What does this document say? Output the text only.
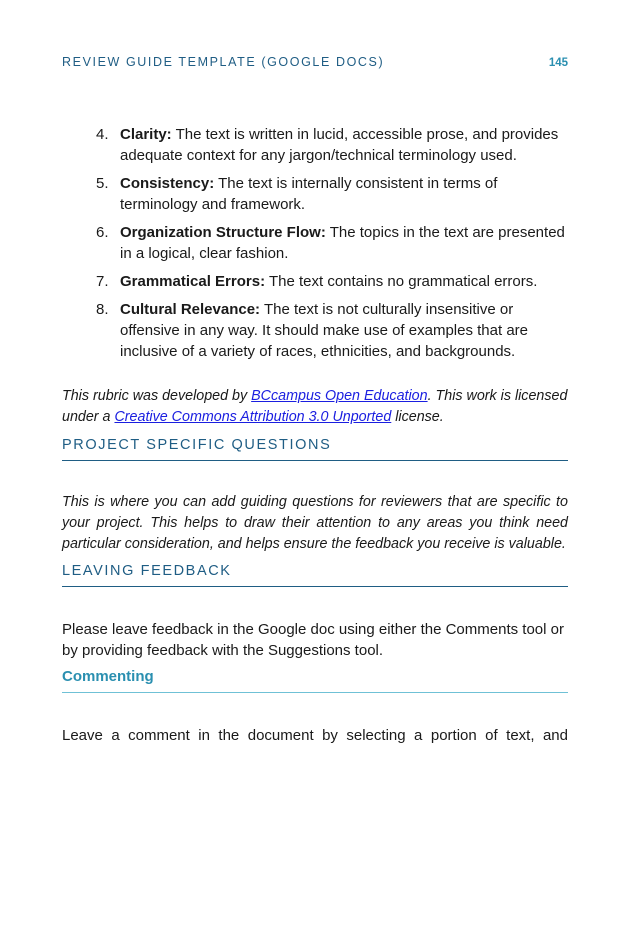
REVIEW GUIDE TEMPLATE (GOOGLE DOCS)	145
4. Clarity: The text is written in lucid, accessible prose, and provides adequate context for any jargon/technical terminology used.
5. Consistency: The text is internally consistent in terms of terminology and framework.
6. Organization Structure Flow: The topics in the text are presented in a logical, clear fashion.
7. Grammatical Errors: The text contains no grammatical errors.
8. Cultural Relevance: The text is not culturally insensitive or offensive in any way. It should make use of examples that are inclusive of a variety of races, ethnicities, and backgrounds.

This rubric was developed by BCcampus Open Education. This work is licensed under a Creative Commons Attribution 3.0 Unported license.

PROJECT SPECIFIC QUESTIONS

This is where you can add guiding questions for reviewers that are specific to your project. This helps to draw their attention to any areas you think need particular consideration, and helps ensure the feedback you receive is valuable.

LEAVING FEEDBACK

Please leave feedback in the Google doc using either the Comments tool or by providing feedback with the Suggestions tool.

Commenting

Leave a comment in the document by selecting a portion of text, and
